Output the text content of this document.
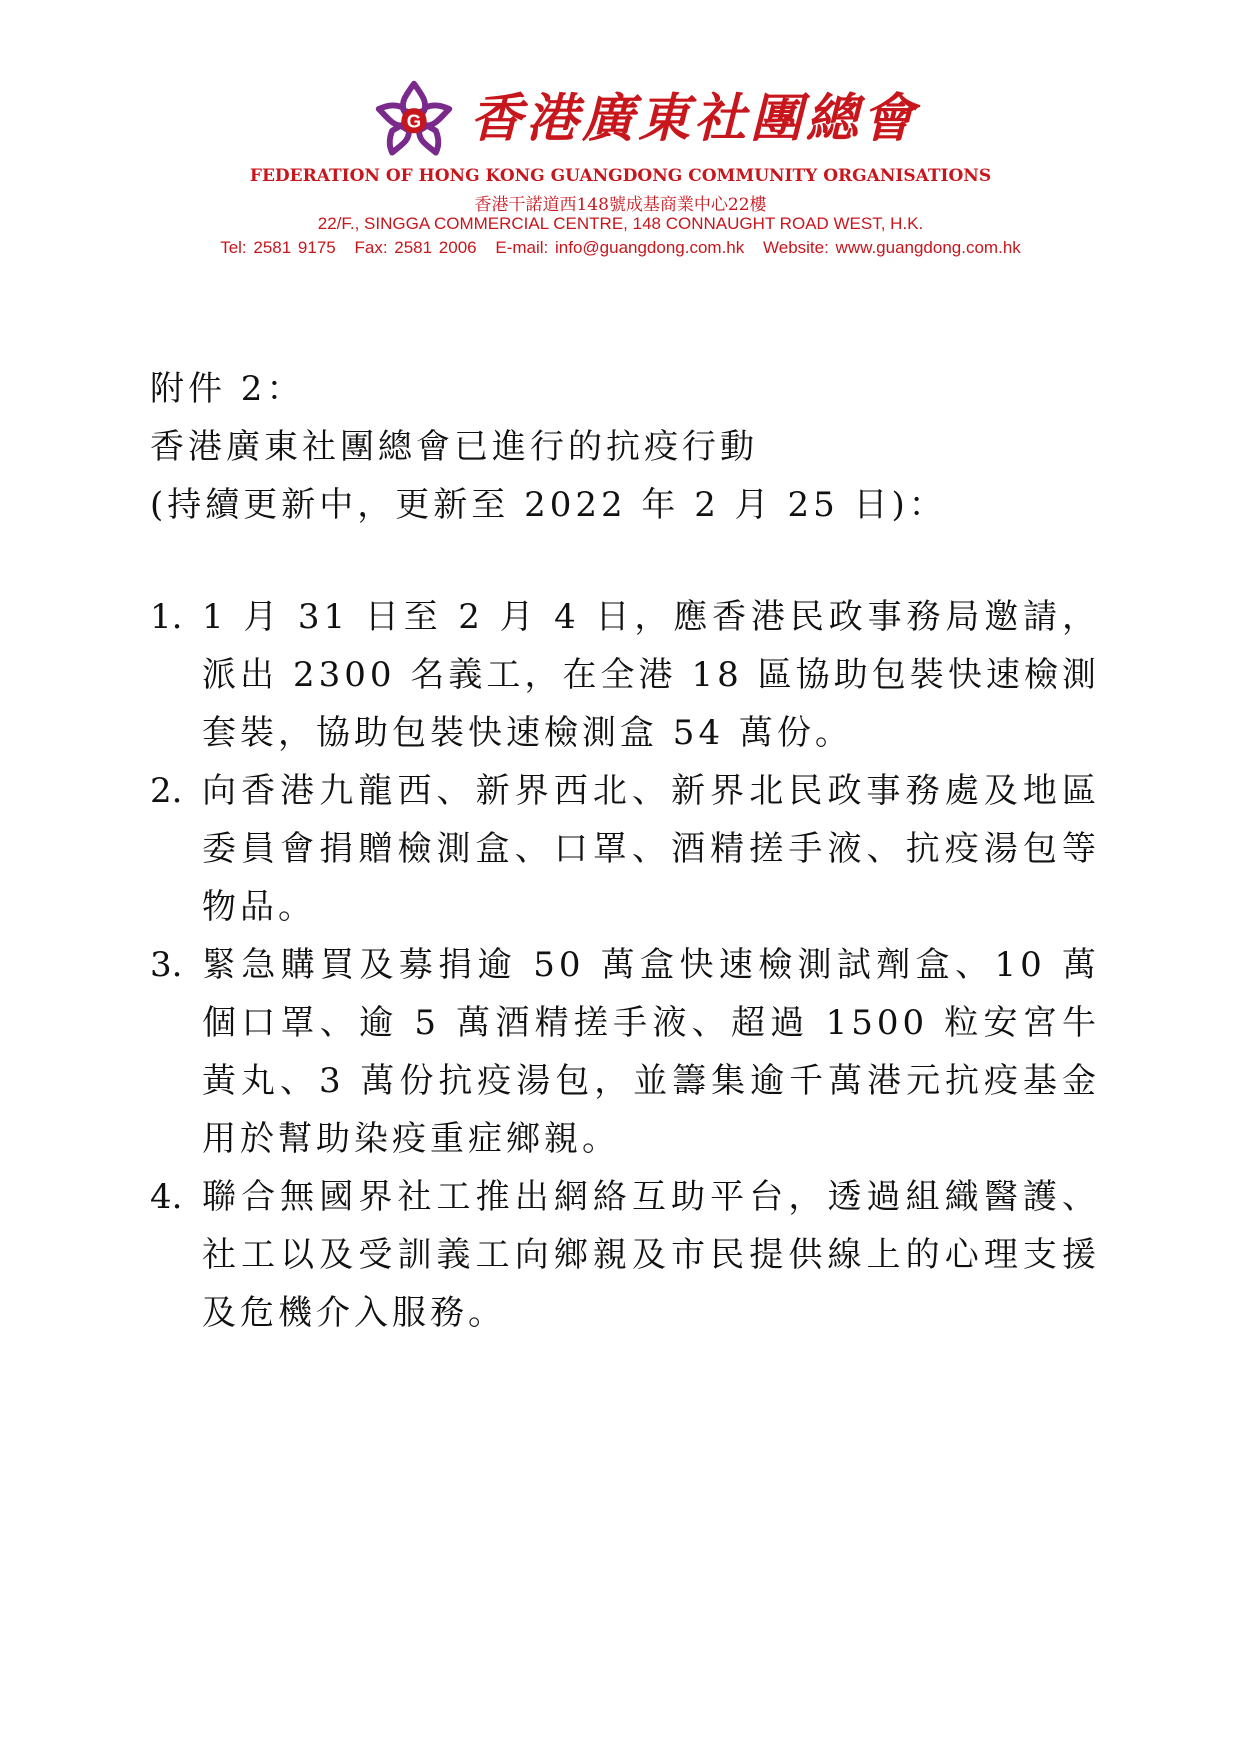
G 香港廣東社團總會
FEDERATION OF HONG KONG GUANGDONG COMMUNITY ORGANISATIONS
香港干諾道西148號成基商業中心22樓
22/F., SINGGA COMMERCIAL CENTRE, 148 CONNAUGHT ROAD WEST, H.K.
Tel: 2581 9175 Fax: 2581 2006 E-mail: info@guangdong.com.hk Website: www.guangdong.com.hk
附件 2：
香港廣東社團總會已進行的抗疫行動
(持續更新中，更新至 2022 年 2 月 25 日)：
1. 1 月 31 日至 2 月 4 日，應香港民政事務局邀請，派出 2300 名義工，在全港 18 區協助包裝快速檢測套裝，協助包裝快速檢測盒 54 萬份。
2. 向香港九龍西、新界西北、新界北民政事務處及地區委員會捐贈檢測盒、口罩、酒精搓手液、抗疫湯包等物品。
3. 緊急購買及募捐逾 50 萬盒快速檢測試劑盒、10 萬個口罩、逾 5 萬酒精搓手液、超過 1500 粒安宮牛黃丸、3 萬份抗疫湯包，並籌集逾千萬港元抗疫基金用於幫助染疫重症鄉親。
4. 聯合無國界社工推出網絡互助平台，透過組織醫護、社工以及受訓義工向鄉親及市民提供線上的心理支援及危機介入服務。
